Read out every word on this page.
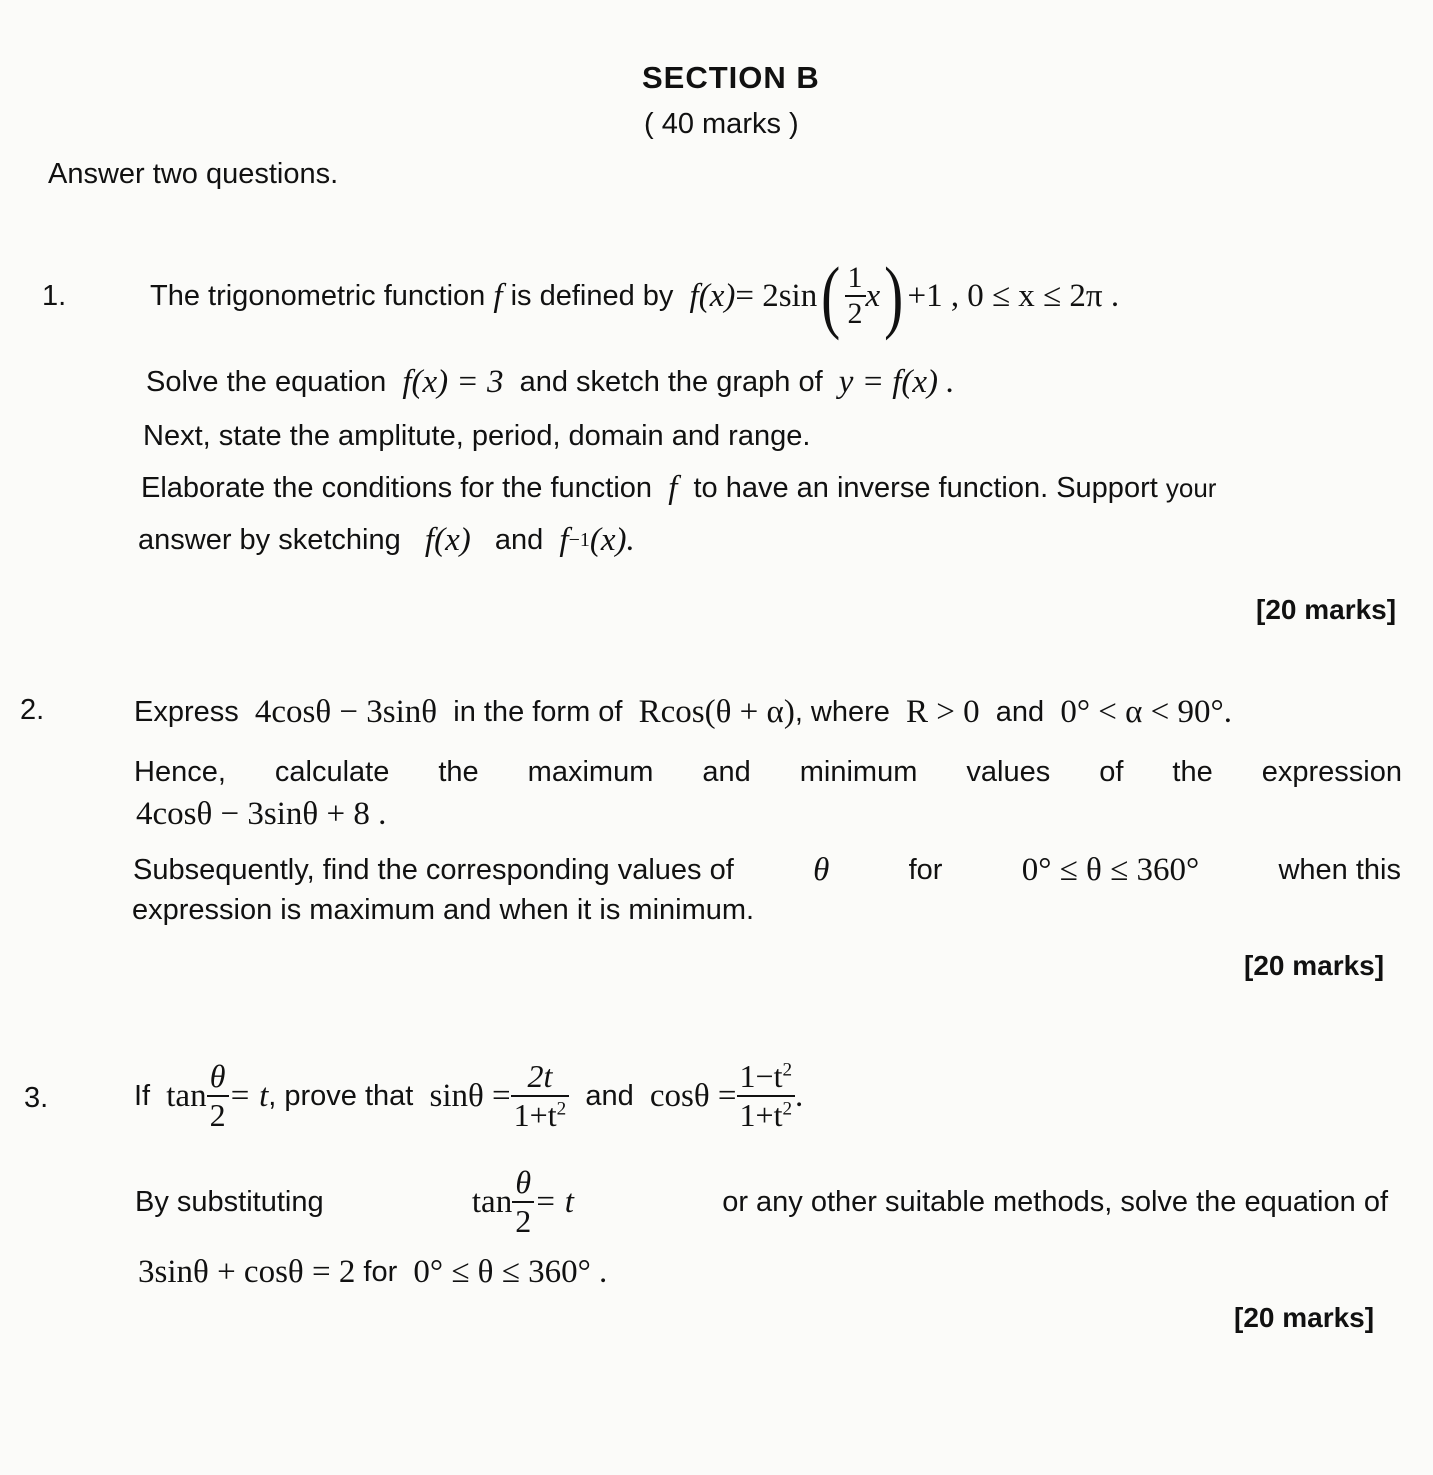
SECTION B
( 40 marks )
Answer two questions.
1.	The trigonometric function
f
is defined by
f (x) = 2sin ( $\frac{1}{2}$ x ) +1 ,
0 ≤ x ≤ 2π .
Solve the equation
f(x) = 3
and sketch the graph of
y = f(x) .
Next, state the amplitute, period, domain and range.
Elaborate the conditions for the function
f
to have an inverse function. Support
your
answer by sketching
f(x)
and
f −1 (x).
[20 marks]
2.	Express
4cosθ − 3sinθ
in the form of
Rcos(θ + α) , where
R > 0
and
0° < α < 90°.
Hence, calculate the maximum and minimum values of the expression
4cosθ − 3sinθ + 8 .
Subsequently, find the corresponding values of θ	for 0° ≤ θ ≤ 360°	when this
expression is maximum and when it is minimum.
[20 marks]
3.	If
$\tan \frac{\theta}{2} = t$ , prove that
$\sin\theta = \frac{2t}{1+t^2}$
and
$\cos\theta = \frac{1-t^2}{1+t^2}$ .
By substituting	$\tan \frac{\theta}{2} = t$	or any other suitable methods, solve the equation of
3sinθ + cosθ = 2
for
0° ≤ θ ≤ 360° .
[20 marks]
